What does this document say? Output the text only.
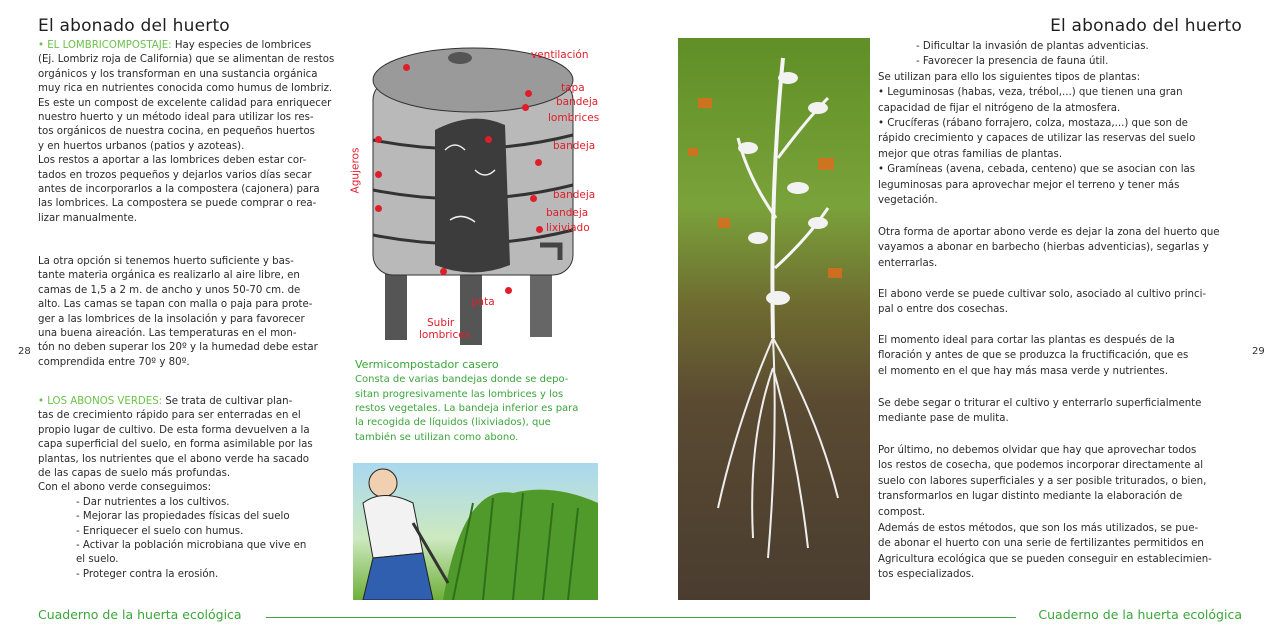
El abonado del huerto	El abonado del huerto
• EL LOMBRICOMPOSTAJE: Hay especies de lombrices
(Ej. Lombriz roja de California) que se alimentan de restos
orgánicos y los transforman en una sustancia orgánica
muy rica en nutrientes conocida como humus de lombriz.
Es este un compost de excelente calidad para enriquecer
nuestro huerto y un método ideal para utilizar los res-
tos orgánicos de nuestra cocina, en pequeños huertos
y en huertos urbanos (patios y azoteas).
Los restos a aportar a las lombrices deben estar cor-
tados en trozos pequeños y dejarlos varios días secar
antes de incorporarlos a la compostera (cajonera) para
las lombrices. La compostera se puede comprar o rea-
lizar manualmente.
La otra opción si tenemos huerto suficiente y bas-
tante materia orgánica es realizarlo al aire libre, en
camas de 1,5 a 2 m. de ancho y unos 50-70 cm. de
alto. Las camas se tapan con malla o paja para prote-
ger a las lombrices de la insolación y para favorecer
una buena aireación. Las temperaturas en el mon-
tón no deben superar los 20º y la humedad debe estar
comprendida entre 70º y 80º.
• LOS ABONOS VERDES: Se trata de cultivar plan-
tas de crecimiento rápido para ser enterradas en el
propio lugar de cultivo. De esta forma devuelven a la
capa superficial del suelo, en forma asimilable por las
plantas, los nutrientes que el abono verde ha sacado
de las capas de suelo más profundas.
Con el abono verde conseguimos:
- Dar nutrientes a los cultivos.
- Mejorar las propiedades físicas del suelo
- Enriquecer el suelo con humus.
- Activar la población microbiana que vive en
el suelo.
- Proteger contra la erosión.
28	29
ventilación
tapa
bandeja
lombrices
bandeja
bandeja
bandeja
lixiviado
Agujeros
pata
Subir
lombrices
Vermicompostador casero
Consta de varias bandejas donde se depo-
sitan progresivamente las lombrices y los
restos vegetales. La bandeja inferior es para
la recogida de líquidos (lixiviados), que
también se utilizan como abono.
- Dificultar la invasión de plantas adventicias.
- Favorecer la presencia de fauna útil.
Se utilizan para ello los siguientes tipos de plantas:
• Leguminosas (habas, veza, trébol,...) que tienen una gran
capacidad de fijar el nitrógeno de la atmosfera.
• Crucíferas (rábano forrajero, colza, mostaza,...) que son de
rápido crecimiento y capaces de utilizar las reservas del suelo
mejor que otras familias de plantas.
• Gramíneas (avena, cebada, centeno) que se asocian con las
leguminosas para aprovechar mejor el terreno y tener más
vegetación.
Otra forma de aportar abono verde es dejar la zona del huerto que
vayamos a abonar en barbecho (hierbas adventicias), segarlas y
enterrarlas.
El abono verde se puede cultivar solo, asociado al cultivo princi-
pal o entre dos cosechas.
El momento ideal para cortar las plantas es después de la
floración y antes de que se produzca la fructificación, que es
el momento en el que hay más masa verde y nutrientes.
Se debe segar o triturar el cultivo y enterrarlo superficialmente
mediante pase de mulita.
Por último, no debemos olvidar que hay que aprovechar todos
los restos de cosecha, que podemos incorporar directamente al
suelo con labores superficiales y a ser posible triturados, o bien,
transformarlos en lugar distinto mediante la elaboración de
compost.
Además de estos métodos, que son los más utilizados, se pue-
de abonar el huerto con una serie de fertilizantes permitidos en
Agricultura ecológica que se pueden conseguir en establecimien-
tos especializados.
Cuaderno de la huerta ecológica	Cuaderno de la huerta ecológica
